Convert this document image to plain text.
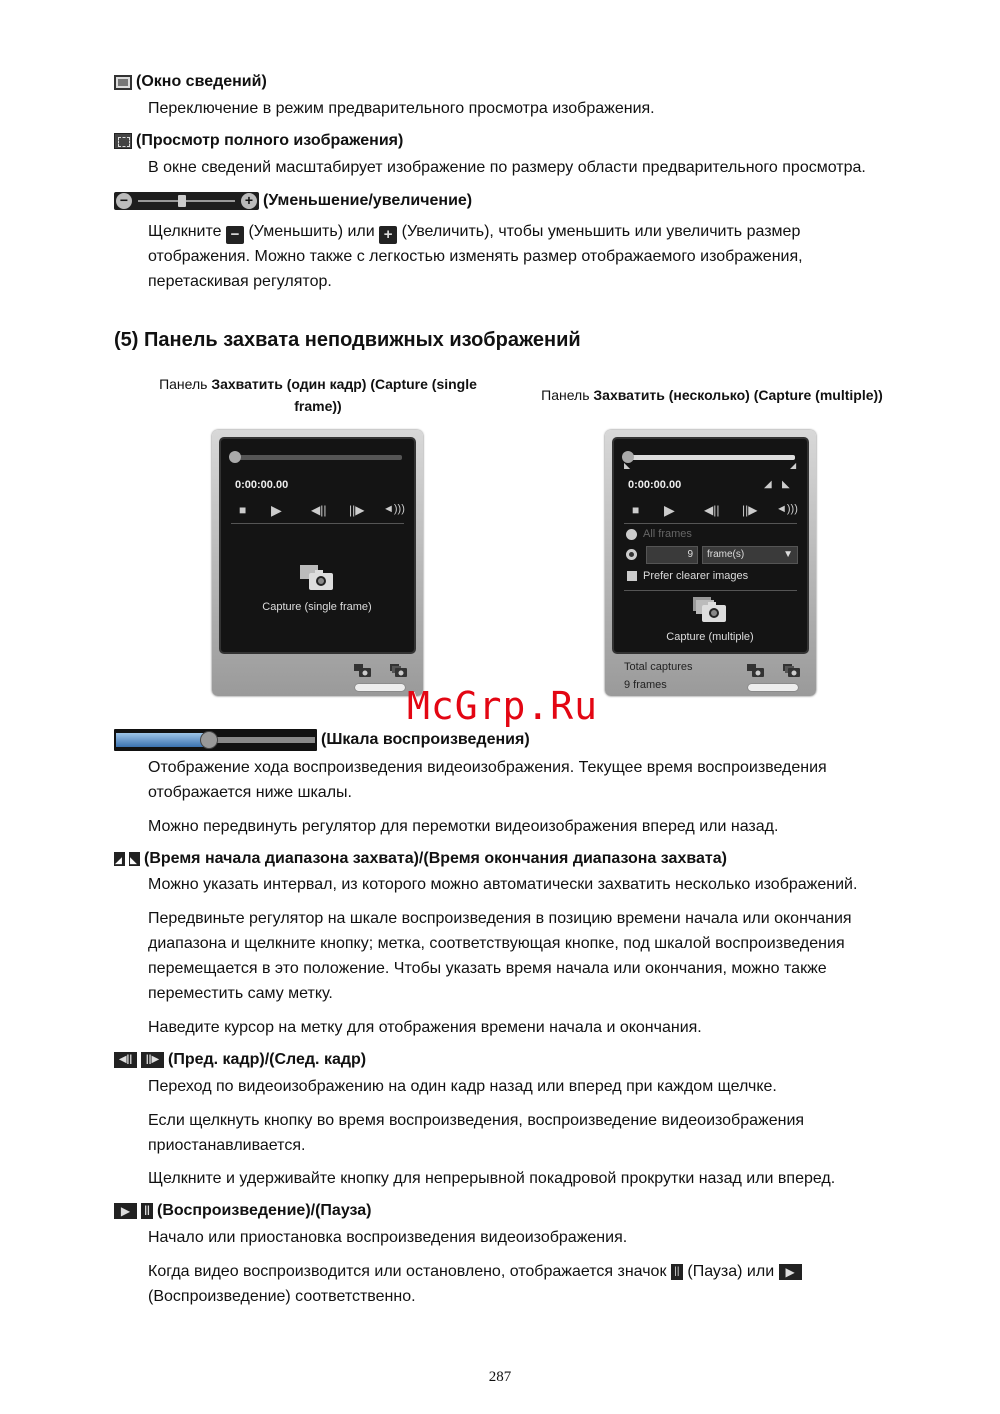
(Окно сведений)
Переключение в режим предварительного просмотра изображения.
(Просмотр полного изображения)
В окне сведений масштабирует изображение по размеру области предварительного просмотра.
−	+ (Уменьшение/увеличение)
Щелкните − (Уменьшить) или + (Увеличить), чтобы уменьшить или увеличить размер
отображения. Можно также с легкостью изменять размер отображаемого изображения,
перетаскивая регулятор.
(5) Панель захвата неподвижных изображений
Панель Захватить (один кадр) (Capture (single
frame))
Панель Захватить (несколько) (Capture (multiple))
0:00:00.00
■ ▶ ◀|| ||▶ ◄)))
Capture (single frame)
◣	◢
0:00:00.00	◢ ◣
■ ▶ ◀|| ||▶ ◄)))
All frames
9	frame(s)	▼
Prefer clearer images
Capture (multiple)
Total captures
9 frames
McGrp.Ru
(Шкала воспроизведения)
Отображение хода воспроизведения видеоизображения. Текущее время воспроизведения
отображается ниже шкалы.
Можно передвинуть регулятор для перемотки видеоизображения вперед или назад.
◢ ◣ (Время начала диапазона захвата)/(Время окончания диапазона захвата)
Можно указать интервал, из которого можно автоматически захватить несколько изображений.
Передвиньте регулятор на шкале воспроизведения в позицию времени начала или окончания
диапазона и щелкните кнопку; метка, соответствующая кнопке, под шкалой воспроизведения
перемещается в это положение. Чтобы указать время начала или окончания, можно также
переместить саму метку.
Наведите курсор на метку для отображения времени начала и окончания.
◀||	||▶ (Пред. кадр)/(След. кадр)
Переход по видеоизображению на один кадр назад или вперед при каждом щелчке.
Если щелкнуть кнопку во время воспроизведения, воспроизведение видеоизображения
приостанавливается.
Щелкните и удерживайте кнопку для непрерывной покадровой прокрутки назад или вперед.
▶	|| (Воспроизведение)/(Пауза)
Начало или приостановка воспроизведения видеоизображения.
Когда видео воспроизводится или остановлено, отображается значок || (Пауза) или ▶
(Воспроизведение) соответственно.
287
